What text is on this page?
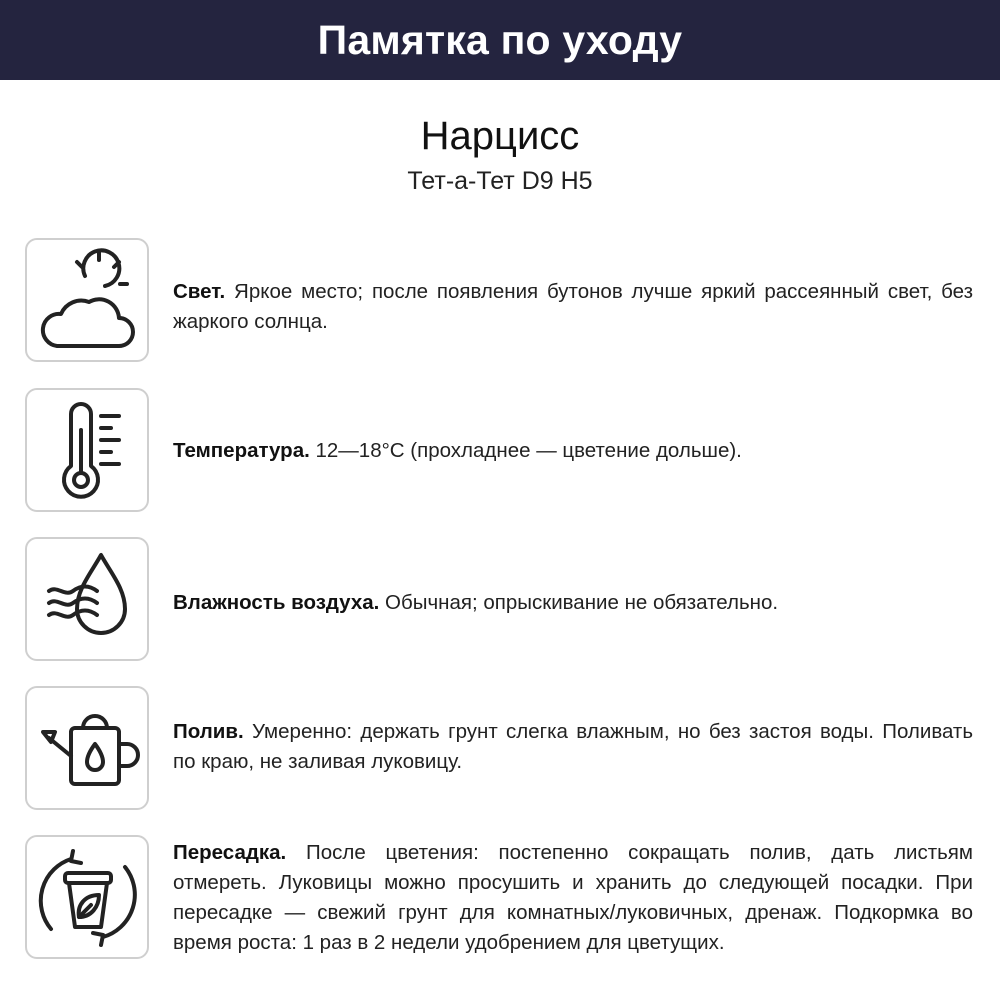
Памятка по уходу
Нарцисс
Тет-а-Тет D9 H5
Свет. Яркое место; после появления бутонов лучше яркий рассеянный свет, без жаркого солнца.
Температура. 12—18°С (прохладнее — цветение дольше).
Влажность воздуха. Обычная; опрыскивание не обязательно.
Полив. Умеренно: держать грунт слегка влажным, но без застоя воды. Поливать по краю, не заливая луковицу.
Пересадка. После цветения: постепенно сокращать полив, дать листьям отмереть. Луковицы можно просушить и хранить до следующей посадки. При пересадке — свежий грунт для комнатных/луковичных, дренаж. Подкормка во время роста: 1 раз в 2 недели удобрением для цветущих.
